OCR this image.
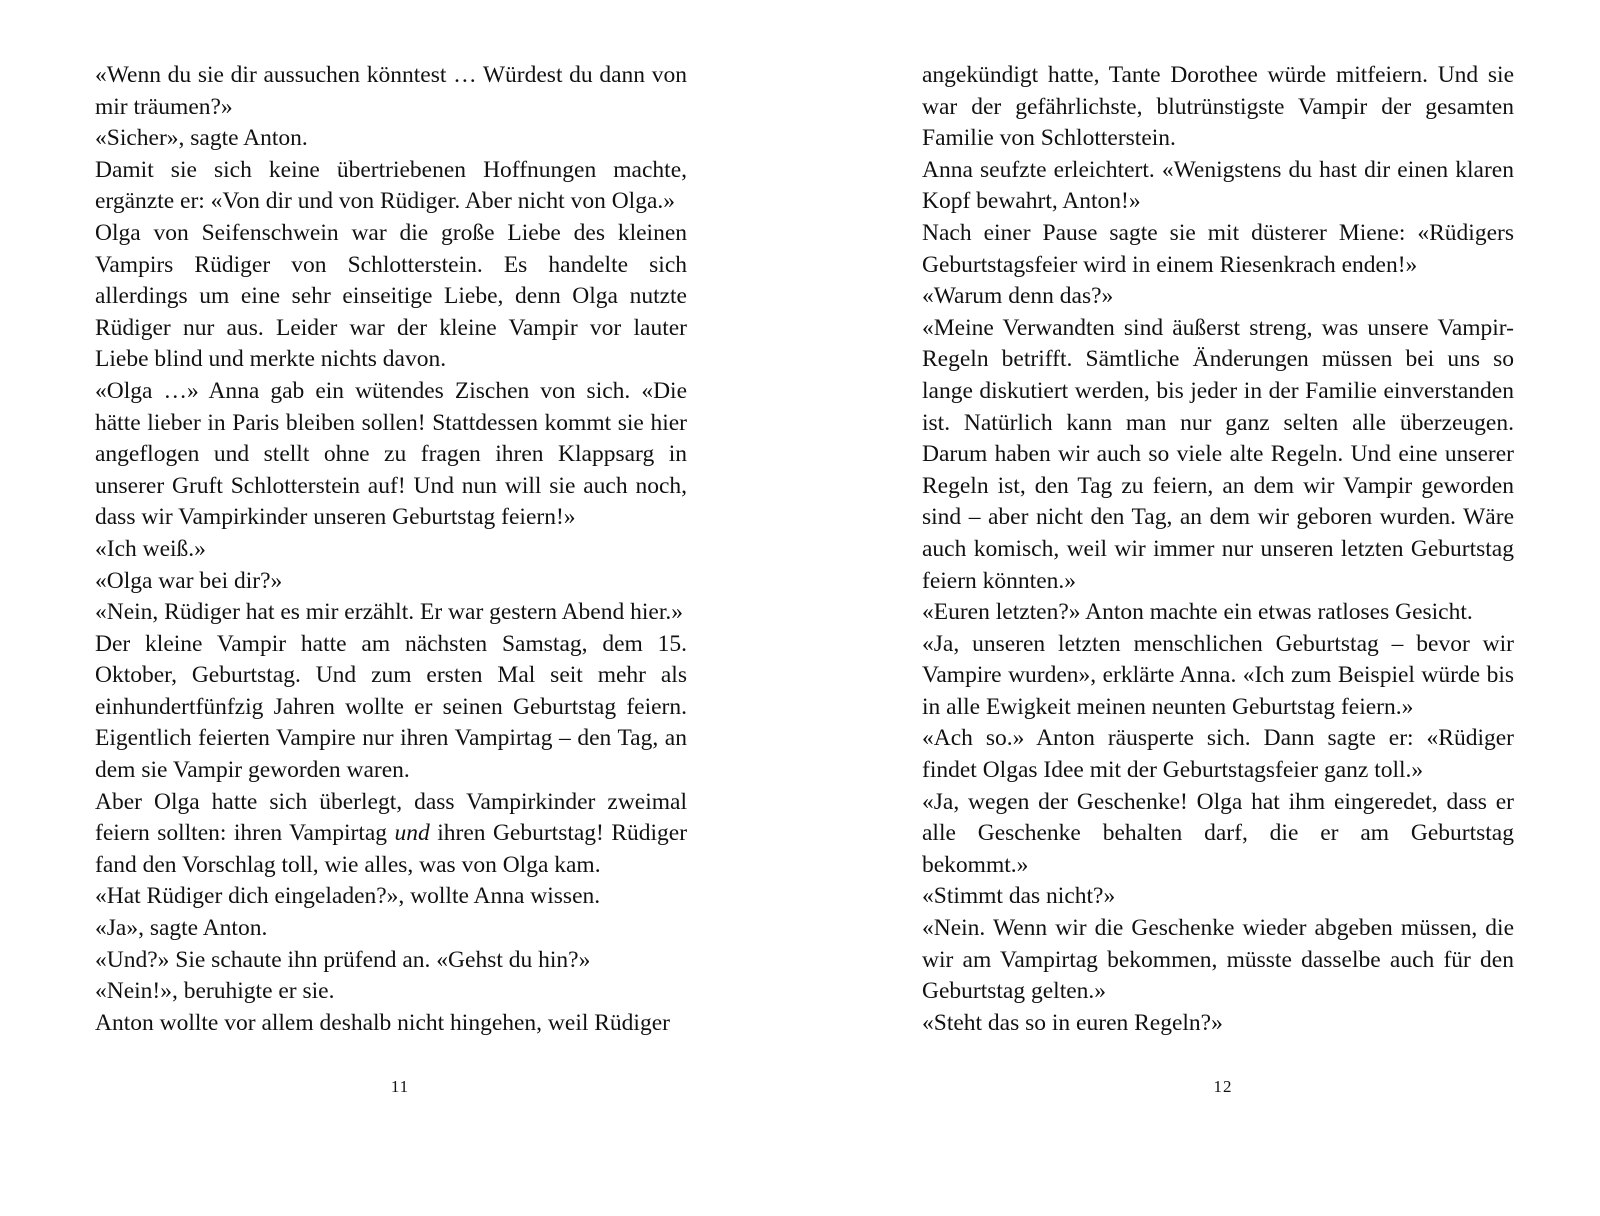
«Wenn du sie dir aussuchen könntest … Würdest du dann von mir träumen?»

«Sicher», sagte Anton.

Damit sie sich keine übertriebenen Hoffnungen machte, ergänzte er: «Von dir und von Rüdiger. Aber nicht von Olga.»

Olga von Seifenschwein war die große Liebe des kleinen Vampirs Rüdiger von Schlotterstein. Es handelte sich allerdings um eine sehr einseitige Liebe, denn Olga nutzte Rüdiger nur aus. Leider war der kleine Vampir vor lauter Liebe blind und merkte nichts davon.

«Olga …» Anna gab ein wütendes Zischen von sich. «Die hätte lieber in Paris bleiben sollen! Stattdessen kommt sie hier angeflogen und stellt ohne zu fragen ihren Klappsarg in unserer Gruft Schlotterstein auf! Und nun will sie auch noch, dass wir Vampirkinder unseren Geburtstag feiern!»

«Ich weiß.»

«Olga war bei dir?»

«Nein, Rüdiger hat es mir erzählt. Er war gestern Abend hier.»

Der kleine Vampir hatte am nächsten Samstag, dem 15. Oktober, Geburtstag. Und zum ersten Mal seit mehr als einhundertfünfzig Jahren wollte er seinen Geburtstag feiern. Eigentlich feierten Vampire nur ihren Vampirtag – den Tag, an dem sie Vampir geworden waren.

Aber Olga hatte sich überlegt, dass Vampirkinder zweimal feiern sollten: ihren Vampirtag und ihren Geburtstag! Rüdiger fand den Vorschlag toll, wie alles, was von Olga kam.

«Hat Rüdiger dich eingeladen?», wollte Anna wissen.

«Ja», sagte Anton.

«Und?» Sie schaute ihn prüfend an. «Gehst du hin?»

«Nein!», beruhigte er sie.

Anton wollte vor allem deshalb nicht hingehen, weil Rüdiger

11

angekündigt hatte, Tante Dorothee würde mitfeiern. Und sie war der gefährlichste, blutrünstigste Vampir der gesamten Familie von Schlotterstein.

Anna seufzte erleichtert. «Wenigstens du hast dir einen klaren Kopf bewahrt, Anton!»

Nach einer Pause sagte sie mit düsterer Miene: «Rüdigers Geburtstagsfeier wird in einem Riesenkrach enden!»

«Warum denn das?»

«Meine Verwandten sind äußerst streng, was unsere Vampir-Regeln betrifft. Sämtliche Änderungen müssen bei uns so lange diskutiert werden, bis jeder in der Familie einverstanden ist. Natürlich kann man nur ganz selten alle überzeugen. Darum haben wir auch so viele alte Regeln. Und eine unserer Regeln ist, den Tag zu feiern, an dem wir Vampir geworden sind – aber nicht den Tag, an dem wir geboren wurden. Wäre auch komisch, weil wir immer nur unseren letzten Geburtstag feiern könnten.»

«Euren letzten?» Anton machte ein etwas ratloses Gesicht.

«Ja, unseren letzten menschlichen Geburtstag – bevor wir Vampire wurden», erklärte Anna. «Ich zum Beispiel würde bis in alle Ewigkeit meinen neunten Geburtstag feiern.»

«Ach so.» Anton räusperte sich. Dann sagte er: «Rüdiger findet Olgas Idee mit der Geburtstagsfeier ganz toll.»

«Ja, wegen der Geschenke! Olga hat ihm eingeredet, dass er alle Geschenke behalten darf, die er am Geburtstag bekommt.»

«Stimmt das nicht?»

«Nein. Wenn wir die Geschenke wieder abgeben müssen, die wir am Vampirtag bekommen, müsste dasselbe auch für den Geburtstag gelten.»

«Steht das so in euren Regeln?»

12
